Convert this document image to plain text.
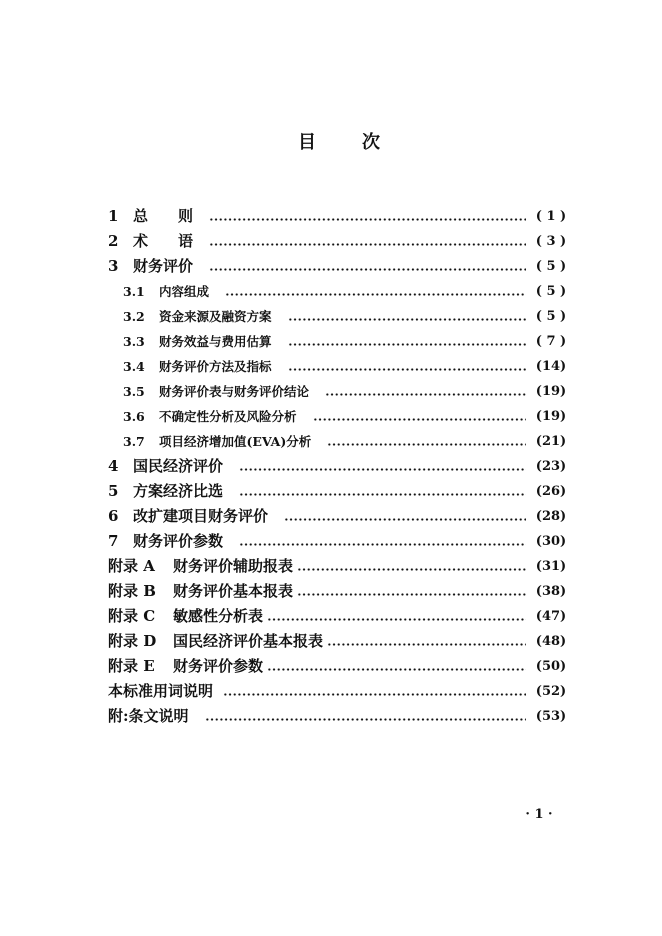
目次
1 总　　则	( 1 )
2 术　　语	( 3 )
3 财务评价	( 5 )
3.1	内容组成	( 5 )
3.2	资金来源及融资方案	( 5 )
3.3	财务效益与费用估算	( 7 )
3.4	财务评价方法及指标	(14)
3.5	财务评价表与财务评价结论	(19)
3.6	不确定性分析及风险分析	(19)
3.7	项目经济增加值(EVA)分析	(21)
4 国民经济评价	(23)
5 方案经济比选	(26)
6 改扩建项目财务评价	(28)
7 财务评价参数	(30)
附录 A	财务评价辅助报表	(31)
附录 B	财务评价基本报表	(38)
附录 C	敏感性分析表	(47)
附录 D	国民经济评价基本报表	(48)
附录 E	财务评价参数	(50)
本标准用词说明	(52)
附:条文说明	(53)
· 1 ·
